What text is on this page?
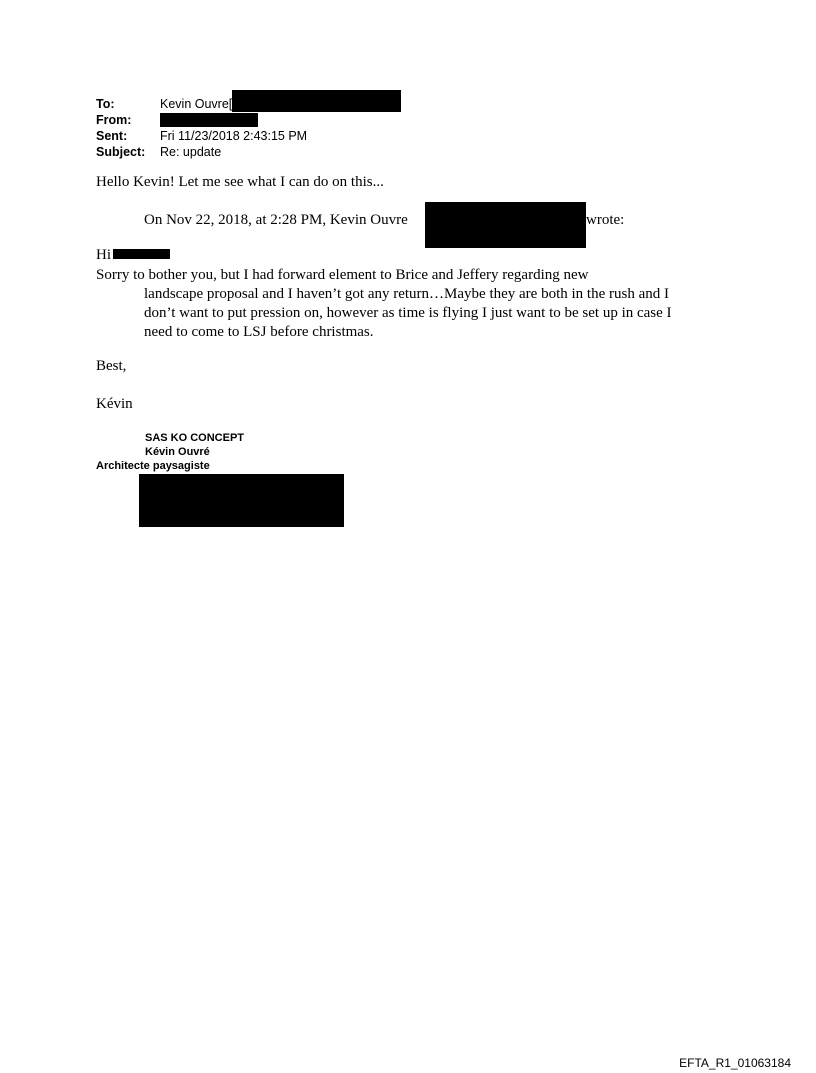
To:	Kevin Ouvre[
From:
Sent:	Fri 11/23/2018 2:43:15 PM
Subject:	Re: update
Hello Kevin! Let me see what I can do on this...
On Nov 22, 2018, at 2:28 PM, Kevin Ouvre	wrote:
Hi
Sorry to bother you, but I had forward element to Brice and Jeffery regarding new
landscape proposal and I haven’t got any return…Maybe they are both in the rush and I don’t want to put pression on, however as time is flying I just want to be set up in case I need to come to LSJ before christmas.
Best,
Kévin
SAS KO CONCEPT
Kévin Ouvré
Architecte paysagiste
EFTA_R1_01063184
